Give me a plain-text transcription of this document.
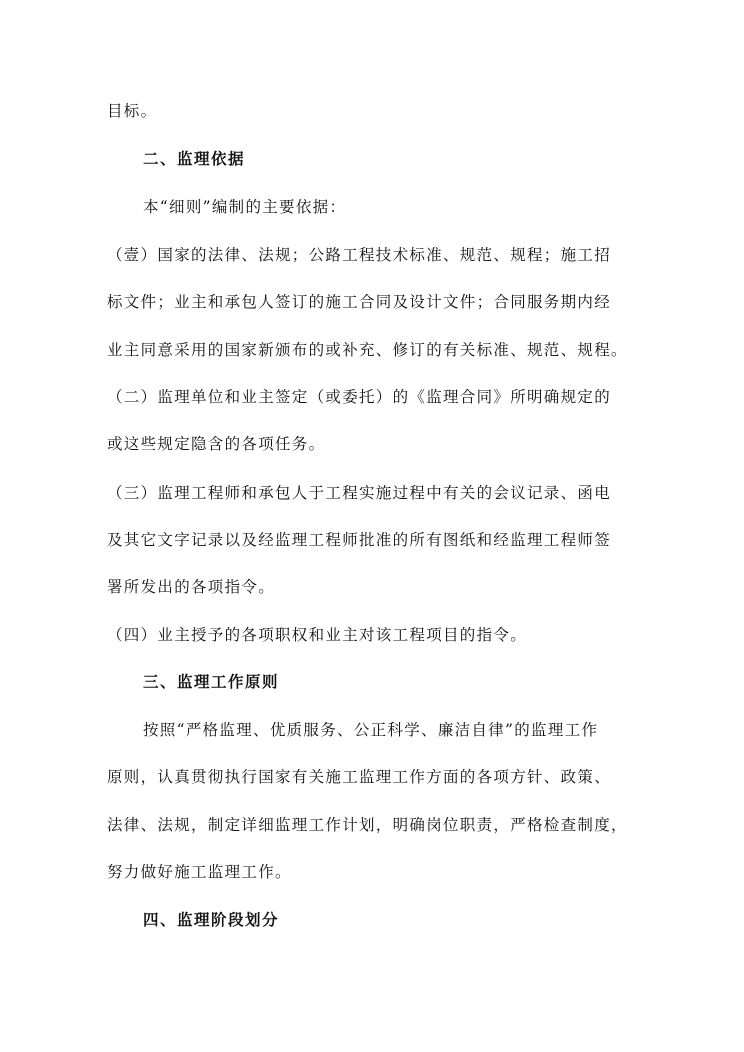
目标。
二、监理依据
本“细则”编制的主要依据：
（壹）国家的法律、法规；公路工程技术标准、规范、规程；施工招
标文件；业主和承包人签订的施工合同及设计文件；合同服务期内经
业主同意采用的国家新颁布的或补充、修订的有关标准、规范、规程。
（二）监理单位和业主签定（或委托）的《监理合同》所明确规定的
或这些规定隐含的各项任务。
（三）监理工程师和承包人于工程实施过程中有关的会议记录、函电
及其它文字记录以及经监理工程师批准的所有图纸和经监理工程师签
署所发出的各项指令。
（四）业主授予的各项职权和业主对该工程项目的指令。
三、监理工作原则
按照“严格监理、优质服务、公正科学、廉洁自律”的监理工作
原则，认真贯彻执行国家有关施工监理工作方面的各项方针、政策、
法律、法规，制定详细监理工作计划，明确岗位职责，严格检查制度，
努力做好施工监理工作。
四、监理阶段划分
